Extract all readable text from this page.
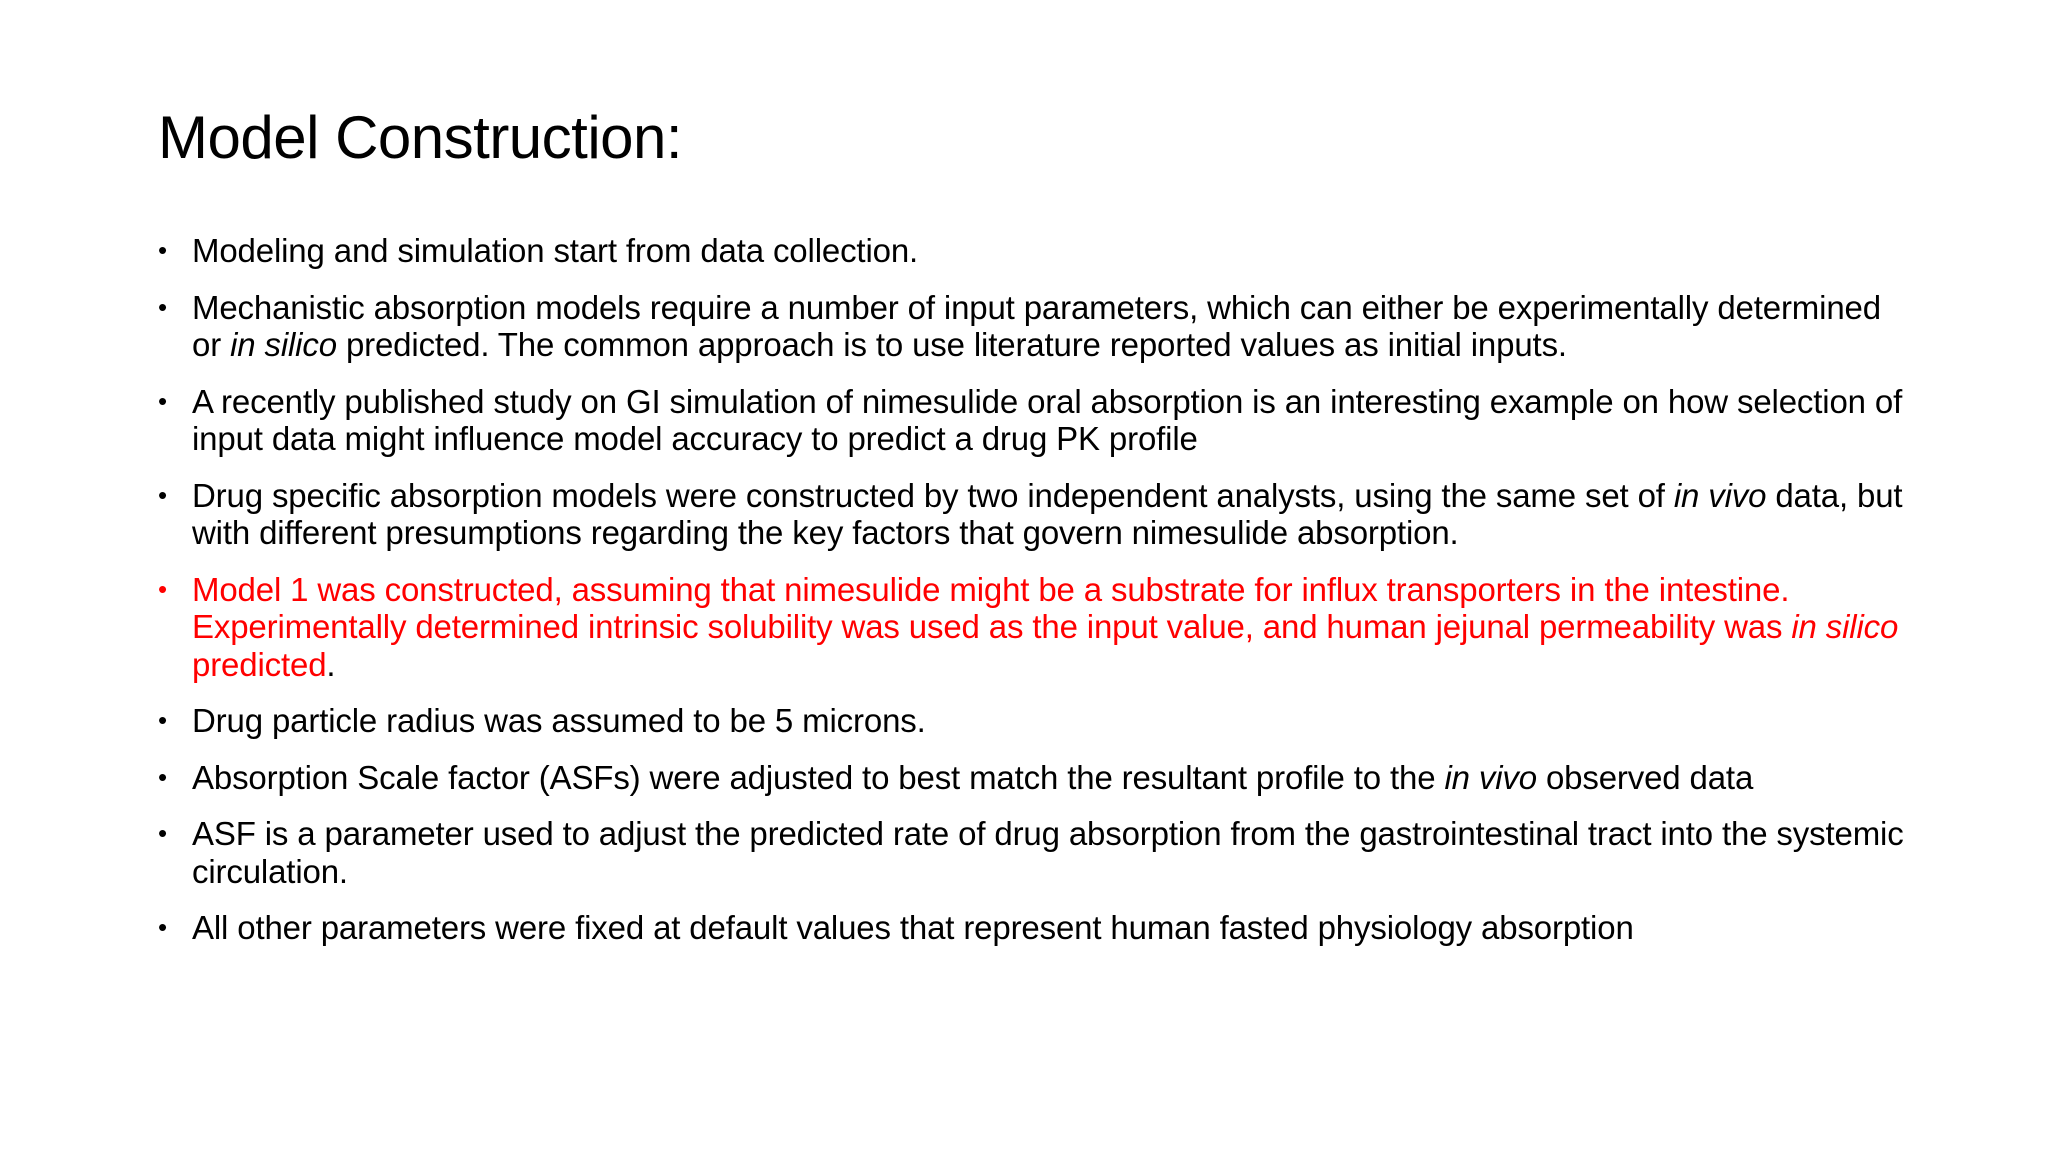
Model Construction:
• Modeling and simulation start from data collection.
• Mechanistic absorption models require a number of input parameters, which can either be experimentally determined or in silico predicted. The common approach is to use literature reported values as initial inputs.
• A recently published study on GI simulation of nimesulide oral absorption is an interesting example on how selection of input data might influence model accuracy to predict a drug PK profile
• Drug specific absorption models were constructed by two independent analysts, using the same set of in vivo data, but with different presumptions regarding the key factors that govern nimesulide absorption.
• Model 1 was constructed, assuming that nimesulide might be a substrate for influx transporters in the intestine. Experimentally determined intrinsic solubility was used as the input value, and human jejunal permeability was in silico predicted.
• Drug particle radius was assumed to be 5 microns.
• Absorption Scale factor (ASFs) were adjusted to best match the resultant profile to the in vivo observed data
• ASF is a parameter used to adjust the predicted rate of drug absorption from the gastrointestinal tract into the systemic circulation.
• All other parameters were fixed at default values that represent human fasted physiology absorption
